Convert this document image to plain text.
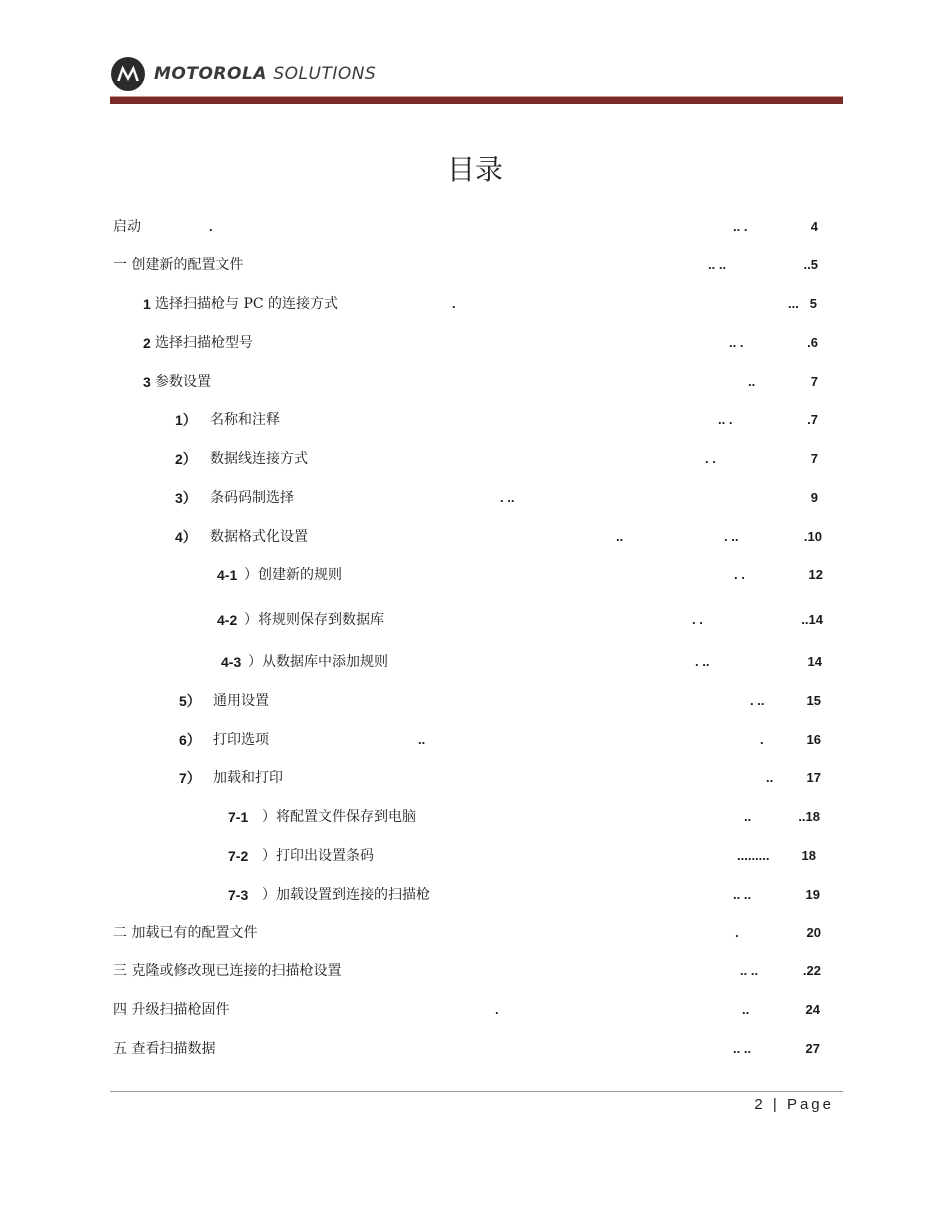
MOTOROLA SOLUTIONS
目录
启动	.	.. .	4
一 创建新的配置文件	.. ..	..5
1 选择扫描枪与 PC 的连接方式	.	... 5
2 选择扫描枪型号	.. .	.6
3 参数设置	..	7
1） 名称和注释	.. .	.7
2） 数据线连接方式	. .	7
3） 条码码制选择	. ..	9
4） 数据格式化设置	..	. ..	.10
4-1 ）创建新的规则	. .	12
4-2 ）将规则保存到数据库	. .	..14
4-3 ）从数据库中添加规则	. ..	14
5） 通用设置	. ..	15
6） 打印选项	..	.	16
7） 加载和打印	..	17
7-1 ）将配置文件保存到电脑	..	..18
7-2 ）打印出设置条码	......... 18
7-3 ）加载设置到连接的扫描枪	.. ..	19
二 加载已有的配置文件	.	20
三 克隆或修改现已连接的扫描枪设置	.. ..	.22
四 升级扫描枪固件	.	..	24
五 查看扫描数据	.. ..	27
2 | Page
